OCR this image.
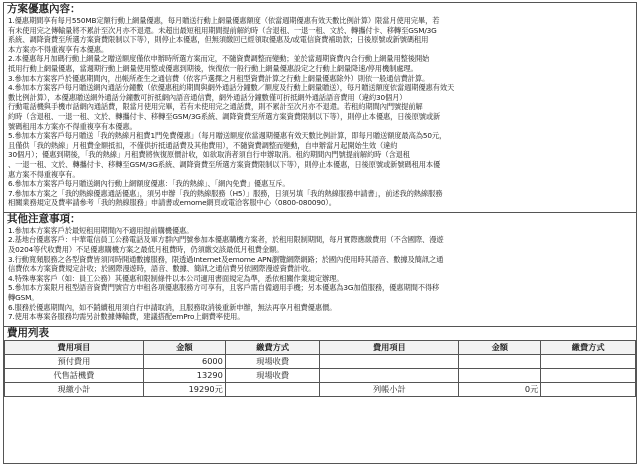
方案優惠內容：
1.優惠期間享有每月550MB定額行動上網量優惠，每月贈送行動上網量優惠額度（依當週期優惠有效天數比例計算）限當月使用完畢，若
有未使用完之傳輸量將不累計至次月亦不退還。未超出最短租用期間提前解約時（含退租、一退一租、文於、轉攜付卡、移轉至GSM/3G
系統、調降資費至所選方案資費限制以下等），則停止本優惠，但無須繳回已經領取優惠及/或電信資費補助款；日後原號或新號碼租用
本方案亦不得重複享有本優惠。
2.本優惠每月加碼行動上網量之贈送額度僅依申辦時所選方案而定，不隨資費調整而變動；並於當週期資費內合行動上網量用整後開始
抵用行動上網量優惠，當週期行動上網量使用整或優惠到期後，恢復依一般行動上網量優惠設定之行動上網量降速/停用機制處理。
3.參加本方案客戶於優惠期間內，出帳所產生之通信費（依客戶選擇之月租型資費計算之行動上網量優惠除外）則依一般通信費計算。
4.參加本方案客戶每月贈送網內通話分鐘數（依優惠租約期間與網外通話分鐘數／額度及行動上網量贈送），每月贈送額度依當週期優惠有效天
數比例計算），本優惠贈送網外通話分鐘數可折抵網內語音通信費，網外通話分鐘數僅可折抵網外通話語音費用（違約30個月）
行動電話機與手機市話網內通話費，限當月使用完畢，若有未使用完之通話費，則不累計至次月亦不退還。若租約期間內門號提前解
約時（含退租、一退一租、文於、轉攜付卡、移轉至GSM/3G系統、調降資費至所選方案資費限制以下等），則停止本優惠，日後原號或新
號碼租用本方案亦不得重複享有本優惠。
5.參加本方案客戶每月贈送「我的熱線月租費1門免費優惠」（每月贈送額度依當週期優惠有效天數比例計算，即每月贈送額度最高為50元，
且僅供「我的熱線」月租費金額抵扣，不僅供折抵通話費及其他費用），不隨資費調整而變動，自申辦當月起開始生效（違約
30個月）；優惠到期後，「我的熱線」月租費將恢復原價計收，如欲取消者須自行申辦取消。租約期間內門號提前解約時（含退租
、一退一租、文於、轉攜付卡、移轉至GSM/3G系統、調降資費至所選方案資費限制以下等），則停止本優惠，日後原號或新號碼租用本優
惠方案不得重複享有。
6.參加本方案客戶每月贈送網內行動上網額度優惠：「我的熱線」、「網內免費」優惠互斥。
7.參加本方案之「我的熱線優惠通話優惠」，須另申辦「我的熱線服務（H5）」服務，日須另填「我的熱線服務申請書」，前述我的熱線服務
相關業務規定及費率請參考「我的熱線服務」申請書或emome網頁或電洽客服中心（0800-080090）。
其他注意事項：
1.參加本方案客戶於最短租用期間內不適用提前購機優惠。
2.基地台優惠客戶：中華電信員工公務電話及軍方群內門號參加本優惠購機方案者，於租用限制期間，每月實際應繳費用（不含國際、漫遊
及0204等代收費用）不足優惠購機方案之最低月租費時，仍須繳交該最低月租費金額。
3.行動寬頻服務之各型資費皆須同時開通數據服務，限透過Internet及emome APN瀏覽網際網路；於國內使用時其語音、數據及簡訊之通
信費依本方案資費規定計收；於國際漫遊時，語音、數據、簡訊之通信費另依國際漫遊資費計收。
4.特殊專案客戶（如：員工公務）其優惠和限制條件以本公司適用書面規定為準，悉依相關作業規定辦理。
5.參加本方案限月租型語音資費門號官方申租各項優惠服務方可享有，且客戶需自備適用手機；另本優惠為3G加值服務，優惠期間不得移
轉GSM。
6.服務於優惠期間內，如不銷續租用須自行申請取消，且服務取消後重新申辦，無法再享月租費優惠價。
7.使用本專案各服務均需另計數據傳輸費，建議搭配emPro上網費率使用。
費用列表
費用項目	金額	繳費方式	費用項目	金額	繳費方式
預付費用	6000	現場收費			
代售話機費	13290	現場收費			
現繳小計	19290元		列帳小計	0元	
